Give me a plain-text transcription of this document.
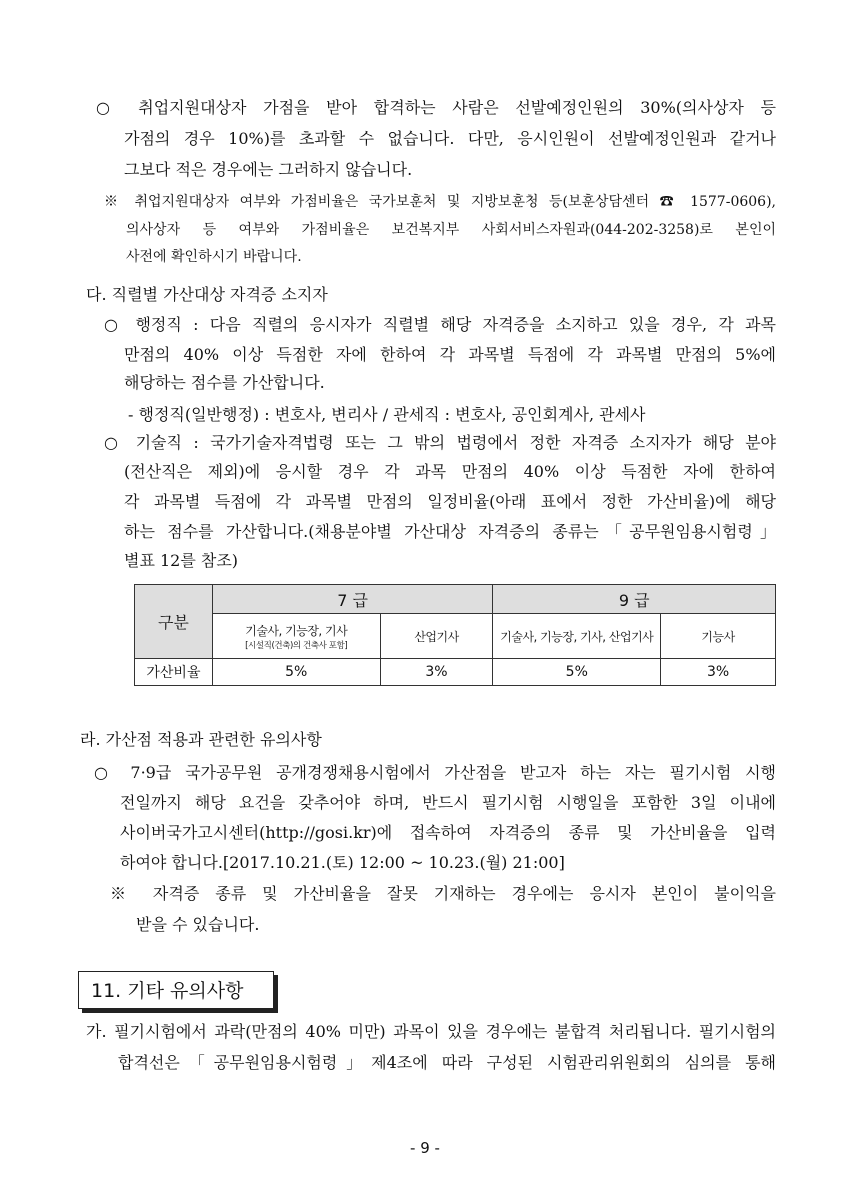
○ 취업지원대상자 가점을 받아 합격하는 사람은 선발예정인원의 30%(의사상자 등
가점의 경우 10%)를 초과할 수 없습니다. 다만, 응시인원이 선발예정인원과 같거나
그보다 적은 경우에는 그러하지 않습니다.
※ 취업지원대상자 여부와 가점비율은 국가보훈처 및 지방보훈청 등(보훈상담센터 ☎ 1577-0606),
의사상자 등 여부와 가점비율은 보건복지부 사회서비스자원과(044-202-3258)로 본인이
사전에 확인하시기 바랍니다.
다. 직렬별 가산대상 자격증 소지자
○ 행정직 : 다음 직렬의 응시자가 직렬별 해당 자격증을 소지하고 있을 경우, 각 과목
만점의 40% 이상 득점한 자에 한하여 각 과목별 득점에 각 과목별 만점의 5%에
해당하는 점수를 가산합니다.
- 행정직(일반행정) : 변호사, 변리사 / 관세직 : 변호사, 공인회계사, 관세사
○ 기술직 : 국가기술자격법령 또는 그 밖의 법령에서 정한 자격증 소지자가 해당 분야
(전산직은 제외)에 응시할 경우 각 과목 만점의 40% 이상 득점한 자에 한하여
각 과목별 득점에 각 과목별 만점의 일정비율(아래 표에서 정한 가산비율)에 해당
하는 점수를 가산합니다.(채용분야별 가산대상 자격증의 종류는「공무원임용시험령」
별표 12를 참조)
구분	7 급		9 급	
	기술사, 기능장, 기사
[시설직(건축)의 건축사 포함]	산업기사	기술사, 기능장, 기사, 산업기사	기능사
가산비율	5%	3%	5%	3%
라. 가산점 적용과 관련한 유의사항
○ 7·9급 국가공무원 공개경쟁채용시험에서 가산점을 받고자 하는 자는 필기시험 시행
전일까지 해당 요건을 갖추어야 하며, 반드시 필기시험 시행일을 포함한 3일 이내에
사이버국가고시센터(http://gosi.kr)에 접속하여 자격증의 종류 및 가산비율을 입력
하여야 합니다.[2017.10.21.(토) 12:00 ~ 10.23.(월) 21:00]
※ 자격증 종류 및 가산비율을 잘못 기재하는 경우에는 응시자 본인이 불이익을
받을 수 있습니다.
11. 기타 유의사항
가. 필기시험에서 과락(만점의 40% 미만) 과목이 있을 경우에는 불합격 처리됩니다. 필기시험의
합격선은「공무원임용시험령」제4조에 따라 구성된 시험관리위원회의 심의를 통해
- 9 -
